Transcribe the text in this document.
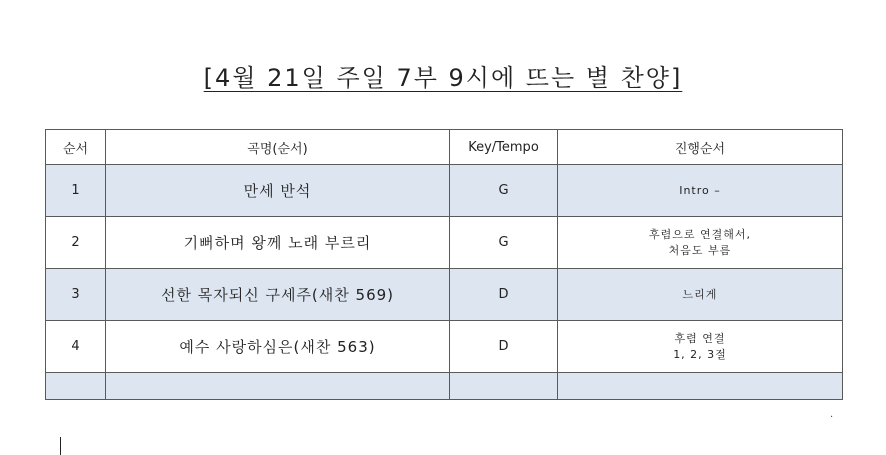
[4월 21일 주일 7부 9시에 뜨는 별 찬양]
순서	곡명(순서)	Key/Tempo	진행순서
1	만세 반석	G	Intro –

2	기뻐하며 왕께 노래 부르리	G	후렴으로 연결해서,
처음도 부름

3	선한 목자되신 구세주(새찬 569)	D	느리게

4	예수 사랑하심은(새찬 563)	D	후렴 연결
1, 2, 3절

.
